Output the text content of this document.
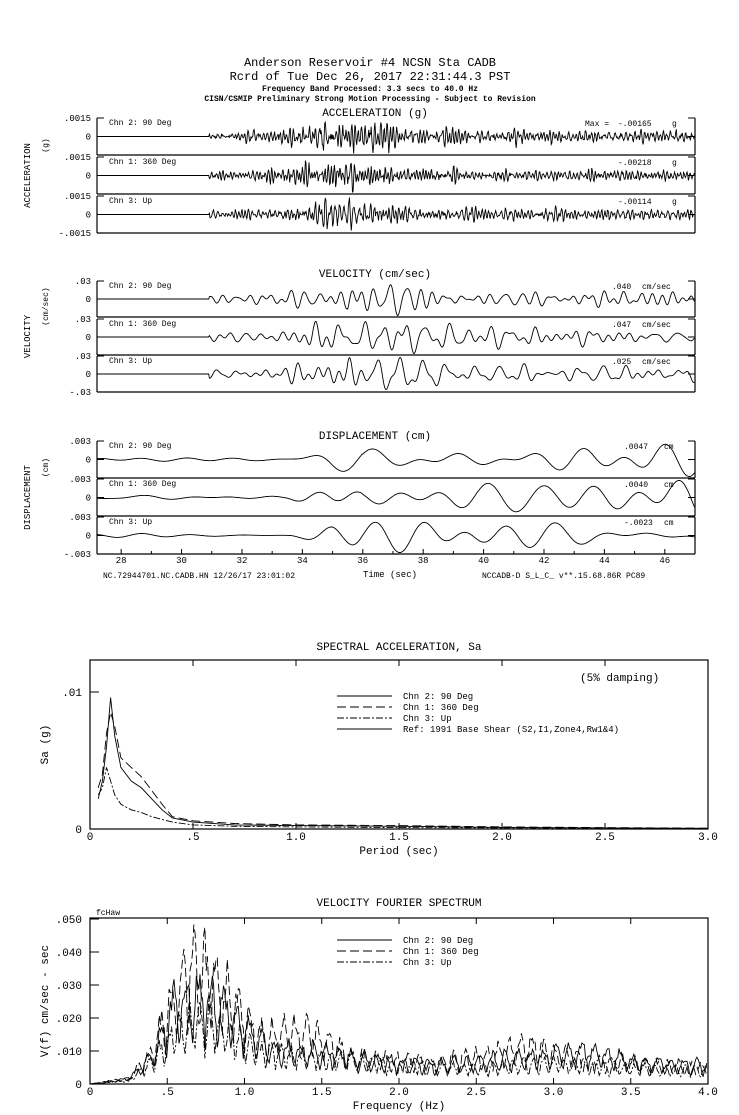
Anderson Reservoir #4 NCSN Sta CADB
Rcrd of Tue Dec 26, 2017 22:31:44.3 PST
Frequency Band Processed: 3.3 secs to 40.0 Hz
CISN/CSMIP Preliminary Strong Motion Processing - Subject to Revision
ACCELERATION (g)
ACCELERATION (g)
.0015
0
Chn 2: 90 Deg	Max = -.00165	g
.0015
0
Chn 1: 360 Deg	-.00218	g
.0015
0
-.0015
Chn 3: Up	-.00114	g
VELOCITY (cm/sec)
VELOCITY
(cm/sec)
.03
0
Chn 2: 90 Deg	.040 cm/sec
.03
0
Chn 1: 360 Deg	.047 cm/sec
.03
0
-.03
Chn 3: Up	.025 cm/sec
DISPLACEMENT (cm)
DISPLACEMENT (cm)
.003
0
Chn 2: 90 Deg	.0047 cm
.003
0
Chn 1: 360 Deg	.0040 cm
.003
0
-.003
Chn 3: Up	-.0023 cm
28	30	32	34	36	38	40	42	44	46
Time (sec)
NC.72944701.NC.CADB.HN 12/26/17 23:01:02	NCCADB-D S_L_C_ v**.15.68.86R PC89
SPECTRAL ACCELERATION, Sa
0	.5	1.0	1.5	2.0	2.5	3.0
.01
0
Period (sec)
Sa (g)
Chn 2: 90 Deg
Chn 1: 360 Deg
Chn 3: Up
Ref: 1991 Base Shear (S2,I1,Zone4,Rw1&4)
(5% damping)
VELOCITY FOURIER SPECTRUM
0	.5	1.0	1.5	2.0	2.5	3.0	3.5	4.0
.050
.040
.030
.020
.010
0
Frequency (Hz)
V(f) cm/sec - sec
Chn 2: 90 Deg
Chn 1: 360 Deg
Chn 3: Up
fcHaw
